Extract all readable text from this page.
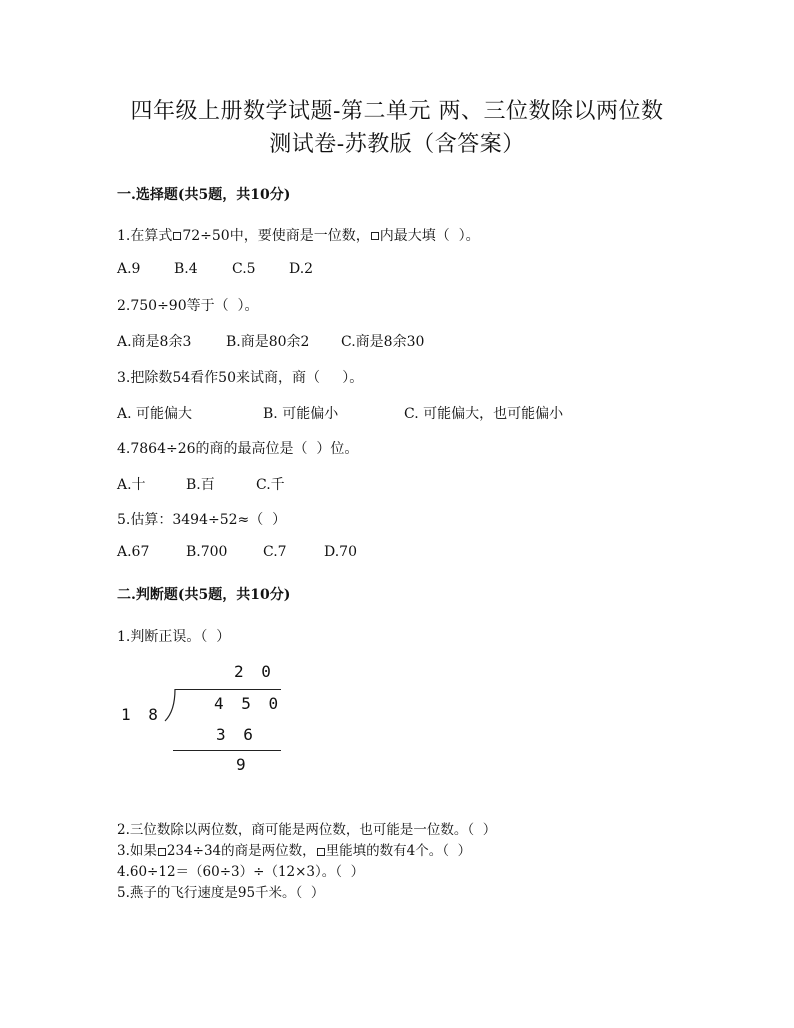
四年级上册数学试题-第二单元 两、三位数除以两位数
测试卷-苏教版（含答案）
一.选择题(共5题，共10分)
1.在算式 72÷50中，要使商是一位数， 内最大填（  ）。
A.9 B.4 C.5 D.2
2.750÷90等于（  ）。
A.商是8余3 B.商是80余2 C.商是8余30
3.把除数54看作50来试商，商（     ）。
A. 可能偏大	B. 可能偏小	C. 可能偏大，也可能偏小
4.7864÷26的商的最高位是（  ）位。
A.十	B.百	C.千
5.估算：3494÷52≈（  ）
A.67	B.700	C.7	D.70
二.判断题(共5题，共10分)
1.判断正误。（  ）
2 0
1 8
4 5 0
3 6
9
2.三位数除以两位数，商可能是两位数，也可能是一位数。（  ）
3.如果 234÷34的商是两位数， 里能填的数有4个。（  ）
4.60÷12＝（60÷3）÷（12×3）。（  ）
5.燕子的飞行速度是95千米。（  ）
